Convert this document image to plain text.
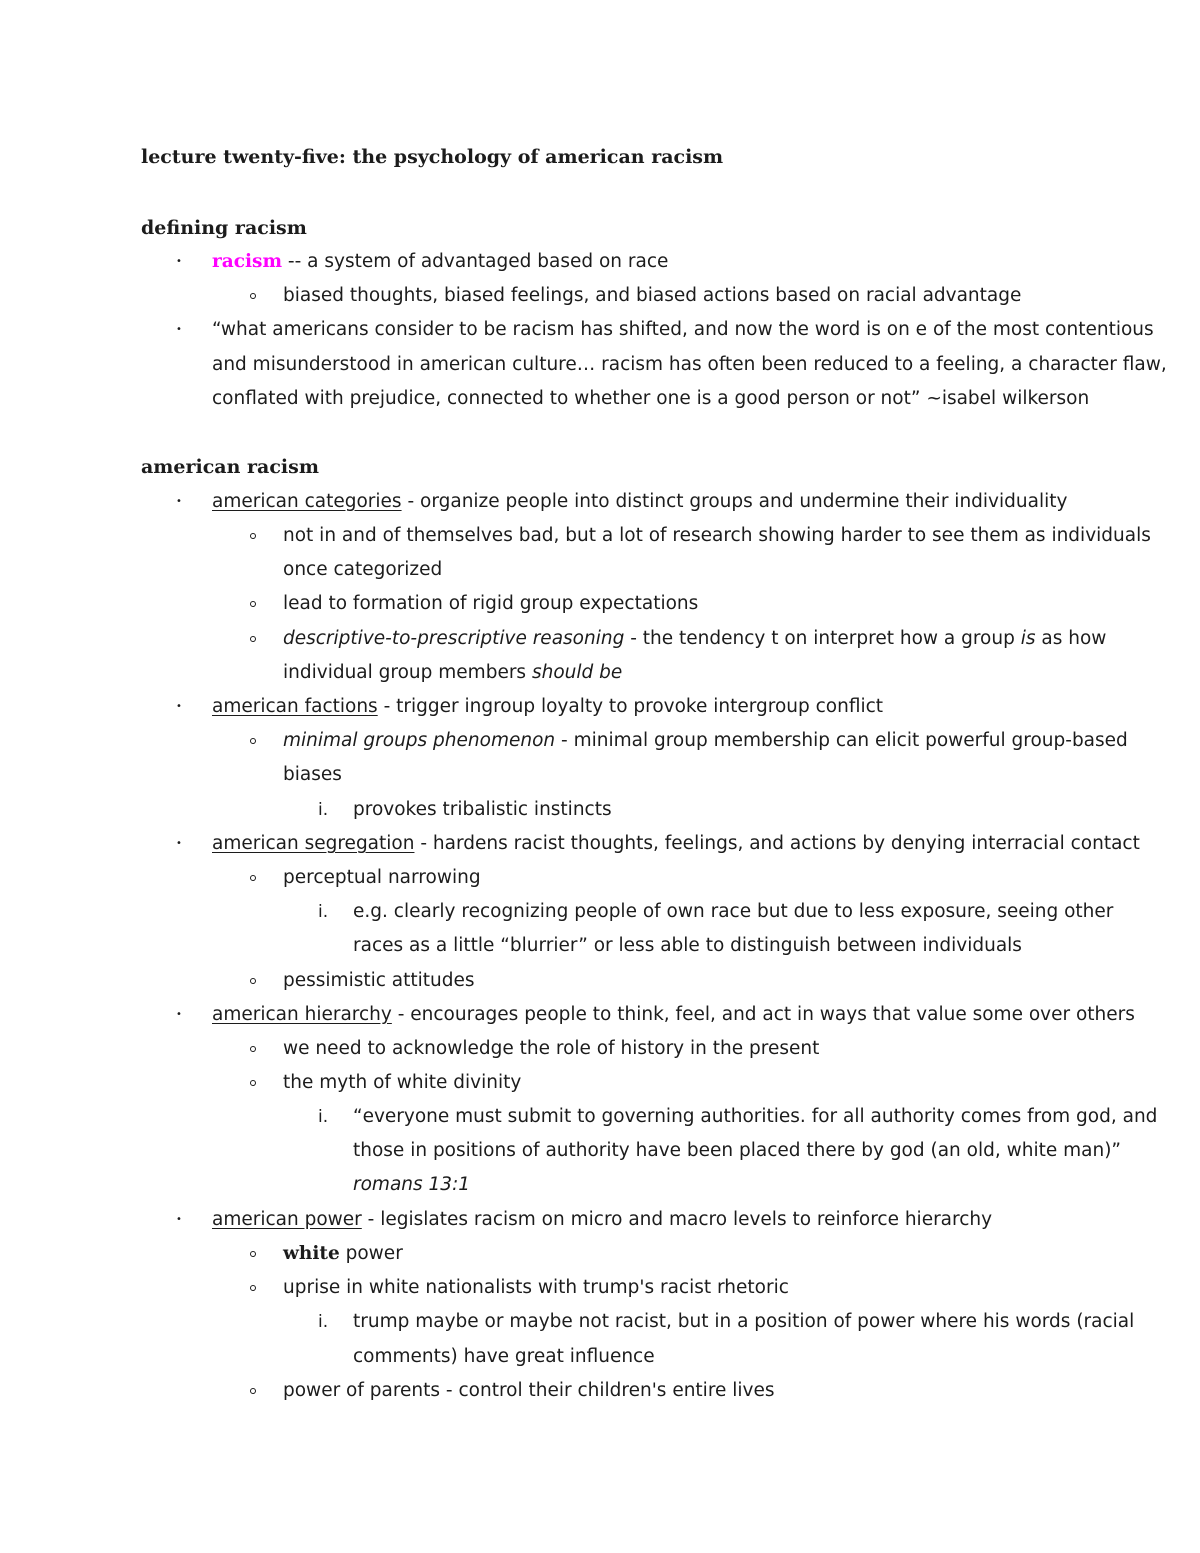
lecture twenty-five: the psychology of american racism
defining racism
• racism -- a system of advantaged based on race
biased thoughts, biased feelings, and biased actions based on racial advantage
• “what americans consider to be racism has shifted, and now the word is on e of the most contentious
and misunderstood in american culture… racism has often been reduced to a feeling, a character flaw,
conflated with prejudice, connected to whether one is a good person or not” ~isabel wilkerson
american racism
• american categories - organize people into distinct groups and undermine their individuality
not in and of themselves bad, but a lot of research showing harder to see them as individuals
once categorized
lead to formation of rigid group expectations
descriptive-to-prescriptive reasoning - the tendency t on interpret how a group is as how
individual group members should be
• american factions - trigger ingroup loyalty to provoke intergroup conflict
minimal groups phenomenon - minimal group membership can elicit powerful group-based
biases
i. provokes tribalistic instincts
• american segregation - hardens racist thoughts, feelings, and actions by denying interracial contact
perceptual narrowing
i. e.g. clearly recognizing people of own race but due to less exposure, seeing other
races as a little “blurrier” or less able to distinguish between individuals
pessimistic attitudes
• american hierarchy - encourages people to think, feel, and act in ways that value some over others
we need to acknowledge the role of history in the present
the myth of white divinity
i. “everyone must submit to governing authorities. for all authority comes from god, and
those in positions of authority have been placed there by god (an old, white man)”
romans 13:1
• american power - legislates racism on micro and macro levels to reinforce hierarchy
white power
uprise in white nationalists with trump's racist rhetoric
i. trump maybe or maybe not racist, but in a position of power where his words (racial
comments) have great influence
power of parents - control their children's entire lives
